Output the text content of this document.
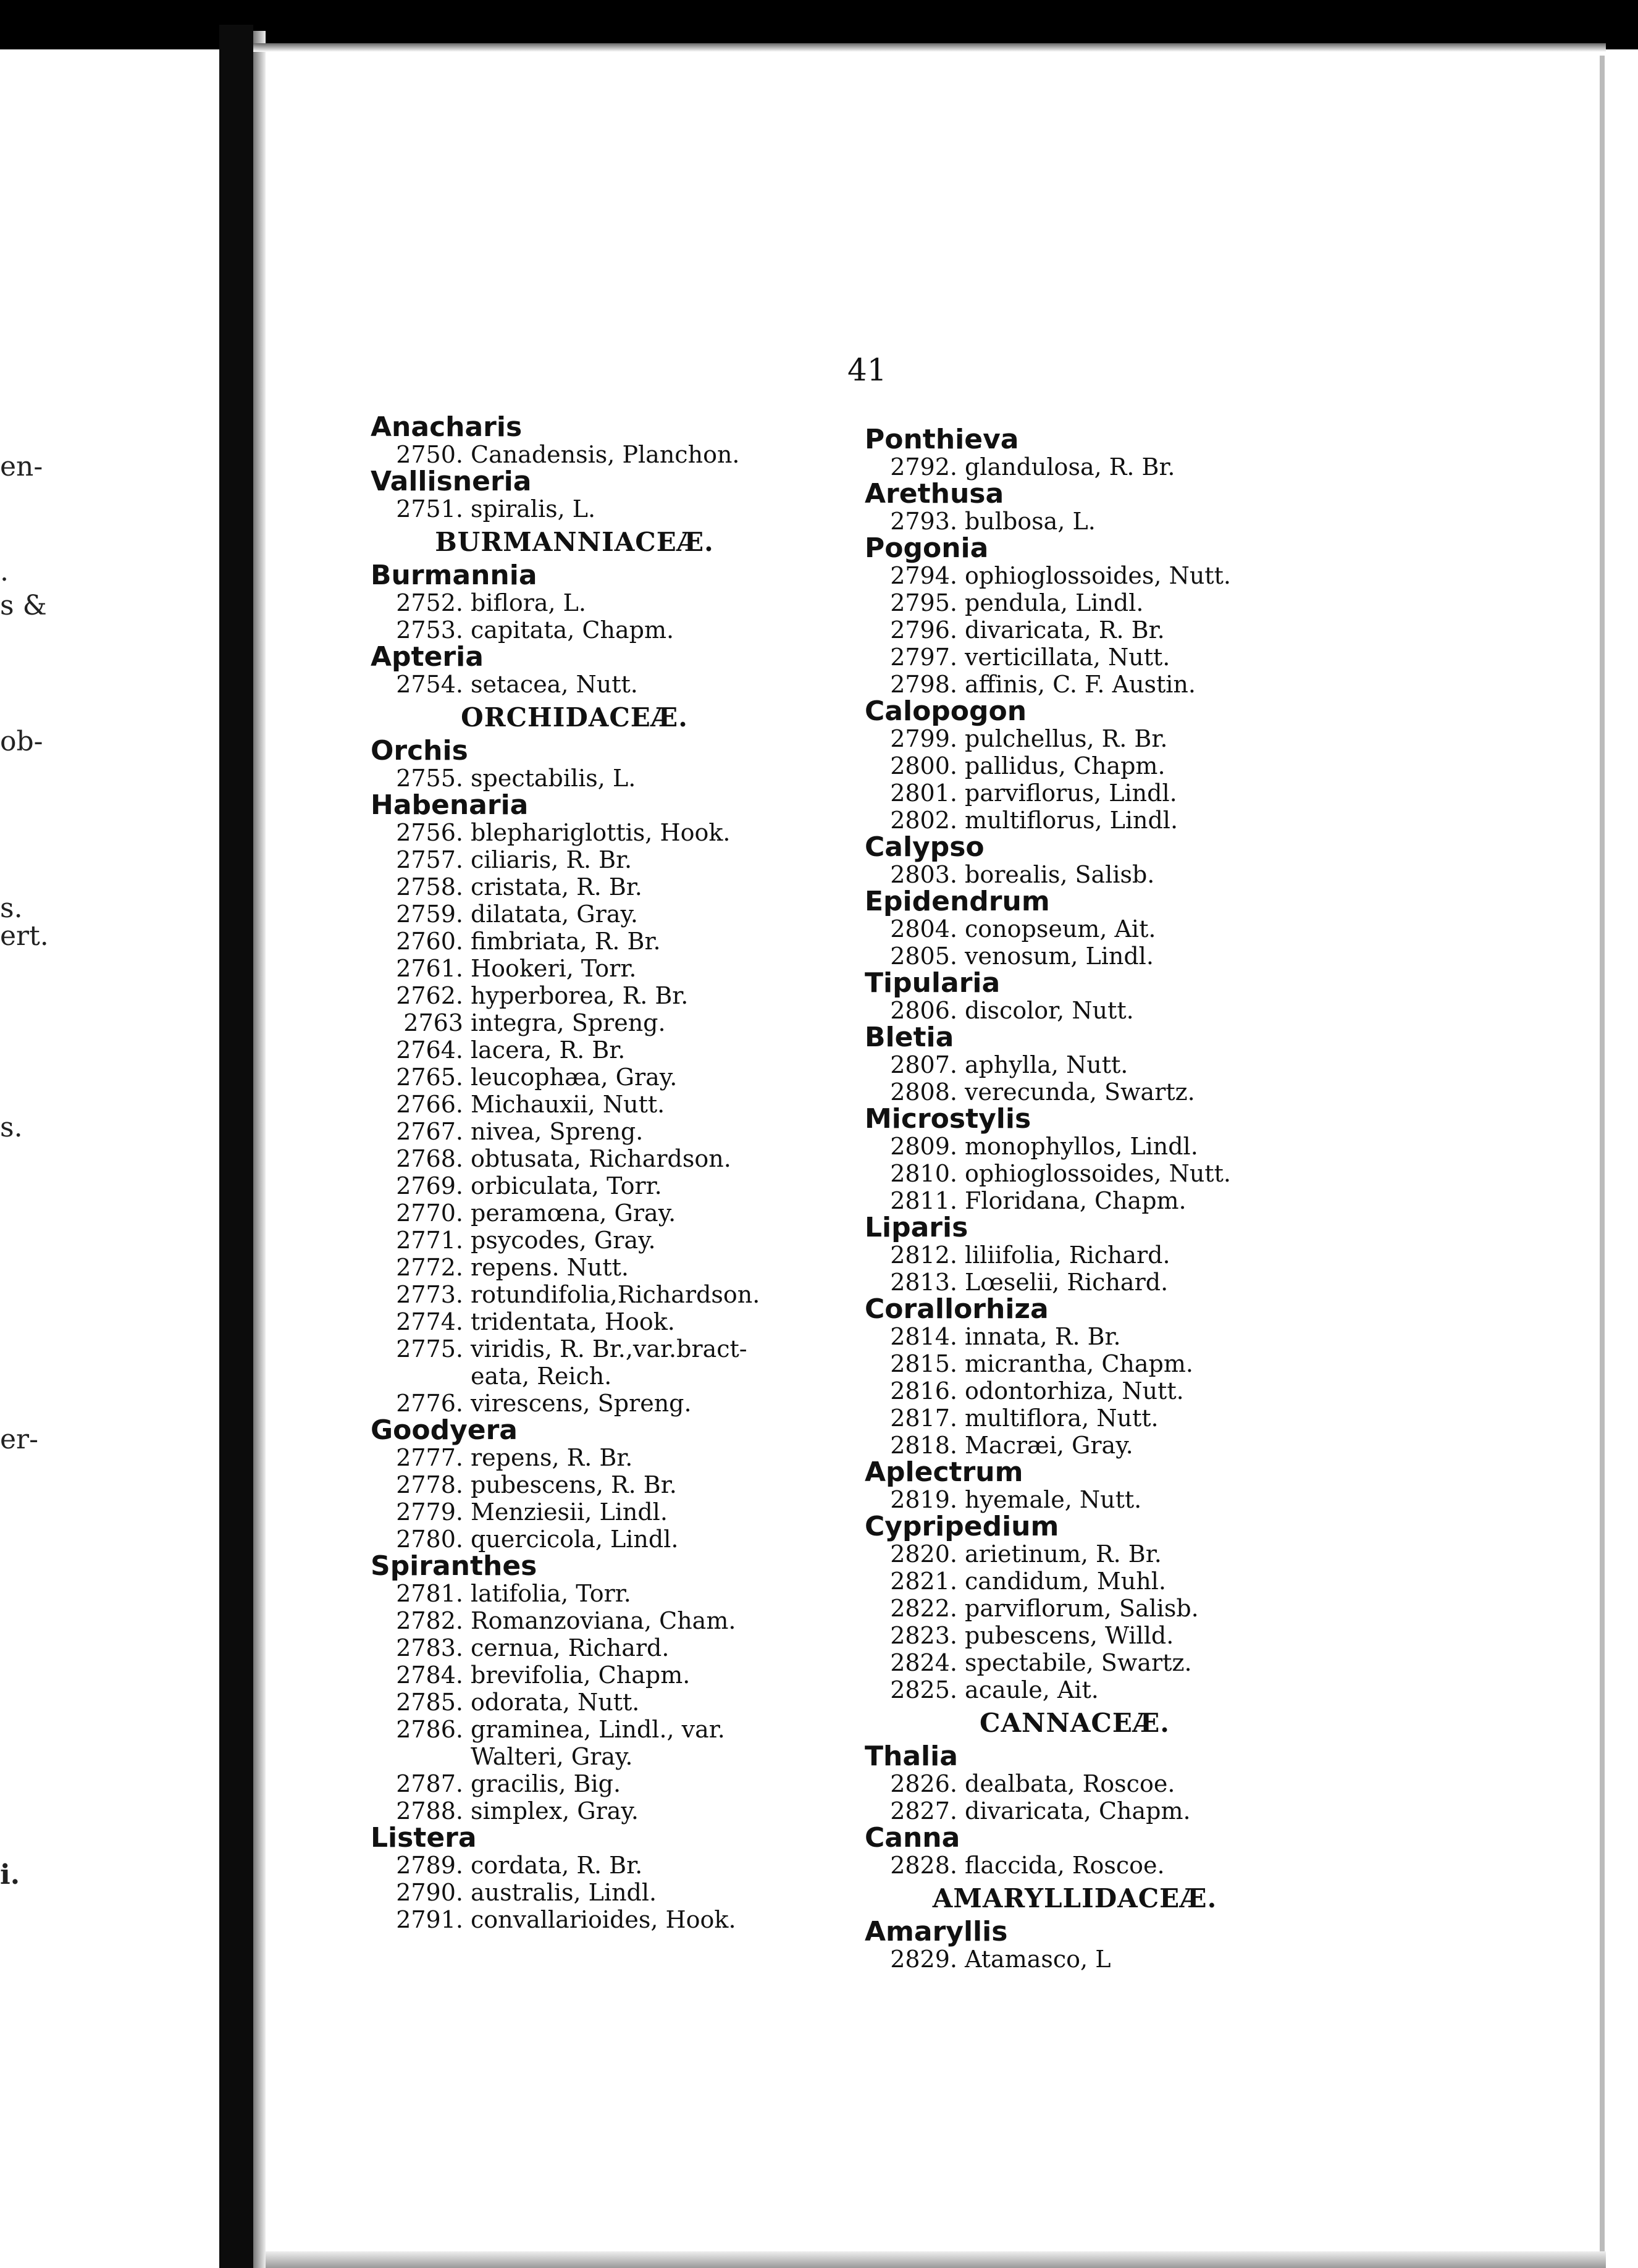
en-
.
s &
ob-
s.
ert.
s.
er-
i.
41
Anacharis
2750. Canadensis, Planchon.
Vallisneria
2751. spiralis, L.
BURMANNIACEÆ.
Burmannia
2752. biflora, L.
2753. capitata, Chapm.
Apteria
2754. setacea, Nutt.
ORCHIDACEÆ.
Orchis
2755. spectabilis, L.
Habenaria
2756. blephariglottis, Hook.
2757. ciliaris, R. Br.
2758. cristata, R. Br.
2759. dilatata, Gray.
2760. fimbriata, R. Br.
2761. Hookeri, Torr.
2762. hyperborea, R. Br.
2763 integra, Spreng.
2764. lacera, R. Br.
2765. leucophæa, Gray.
2766. Michauxii, Nutt.
2767. nivea, Spreng.
2768. obtusata, Richardson.
2769. orbiculata, Torr.
2770. peramœna, Gray.
2771. psycodes, Gray.
2772. repens. Nutt.
2773. rotundifolia,Richardson.
2774. tridentata, Hook.
2775. viridis, R. Br.,var.bract-
eata, Reich.
2776. virescens, Spreng.
Goodyera
2777. repens, R. Br.
2778. pubescens, R. Br.
2779. Menziesii, Lindl.
2780. quercicola, Lindl.
Spiranthes
2781. latifolia, Torr.
2782. Romanzoviana, Cham.
2783. cernua, Richard.
2784. brevifolia, Chapm.
2785. odorata, Nutt.
2786. graminea, Lindl., var.
Walteri, Gray.
2787. gracilis, Big.
2788. simplex, Gray.
Listera
2789. cordata, R. Br.
2790. australis, Lindl.
2791. convallarioides, Hook.
Ponthieva
2792. glandulosa, R. Br.
Arethusa
2793. bulbosa, L.
Pogonia
2794. ophioglossoides, Nutt.
2795. pendula, Lindl.
2796. divaricata, R. Br.
2797. verticillata, Nutt.
2798. affinis, C. F. Austin.
Calopogon
2799. pulchellus, R. Br.
2800. pallidus, Chapm.
2801. parviflorus, Lindl.
2802. multiflorus, Lindl.
Calypso
2803. borealis, Salisb.
Epidendrum
2804. conopseum, Ait.
2805. venosum, Lindl.
Tipularia
2806. discolor, Nutt.
Bletia
2807. aphylla, Nutt.
2808. verecunda, Swartz.
Microstylis
2809. monophyllos, Lindl.
2810. ophioglossoides, Nutt.
2811. Floridana, Chapm.
Liparis
2812. liliifolia, Richard.
2813. Lœselii, Richard.
Corallorhiza
2814. innata, R. Br.
2815. micrantha, Chapm.
2816. odontorhiza, Nutt.
2817. multiflora, Nutt.
2818. Macræi, Gray.
Aplectrum
2819. hyemale, Nutt.
Cypripedium
2820. arietinum, R. Br.
2821. candidum, Muhl.
2822. parviflorum, Salisb.
2823. pubescens, Willd.
2824. spectabile, Swartz.
2825. acaule, Ait.
CANNACEÆ.
Thalia
2826. dealbata, Roscoe.
2827. divaricata, Chapm.
Canna
2828. flaccida, Roscoe.
AMARYLLIDACEÆ.
Amaryllis
2829. Atamasco, L
